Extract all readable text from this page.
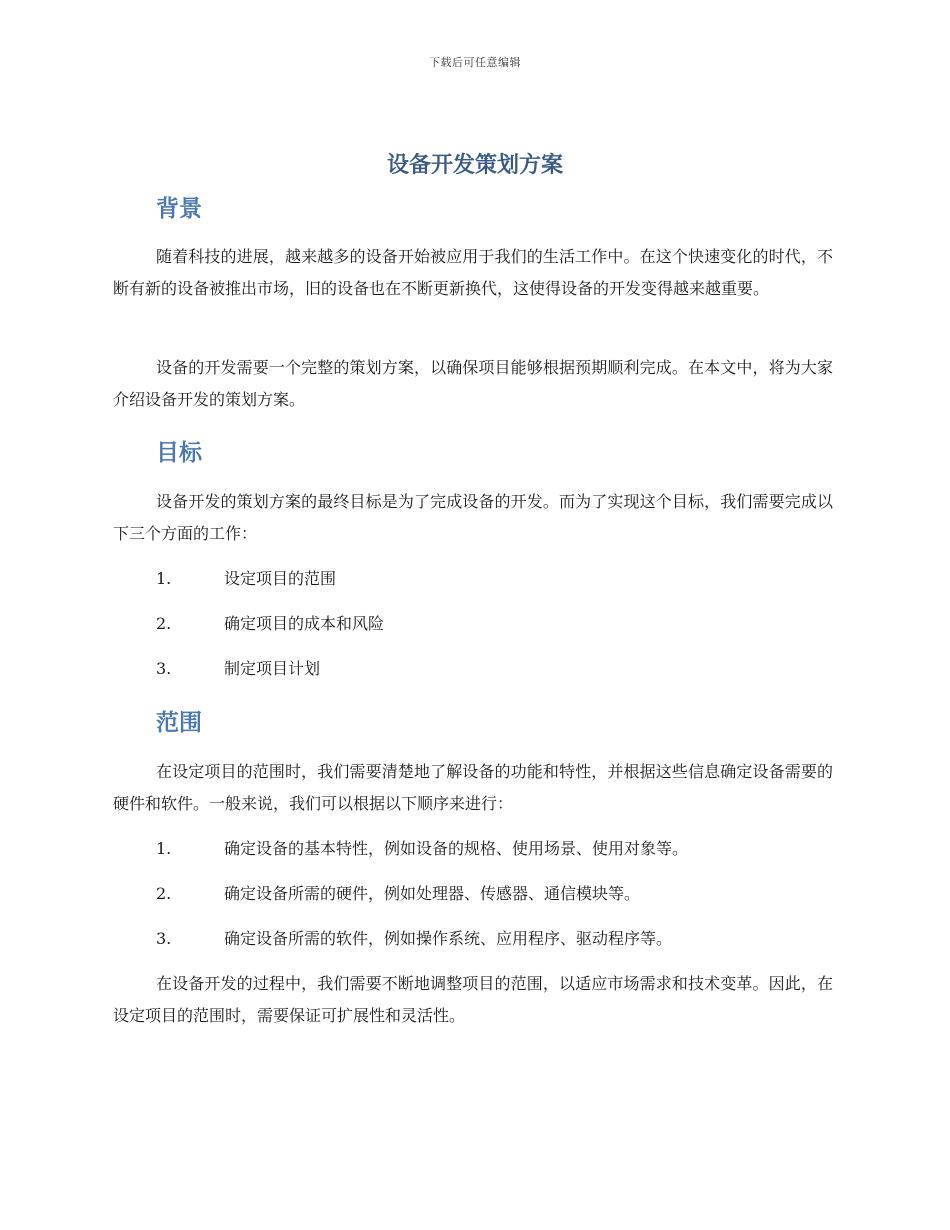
下载后可任意编辑
设备开发策划方案
背景

随着科技的进展，越来越多的设备开始被应用于我们的生活工作中。在这个快速变化的时代，不断有新的设备被推出市场，旧的设备也在不断更新换代，这使得设备的开发变得越来越重要。

设备的开发需要一个完整的策划方案，以确保项目能够根据预期顺利完成。在本文中，将为大家介绍设备开发的策划方案。

目标

设备开发的策划方案的最终目标是为了完成设备的开发。而为了实现这个目标，我们需要完成以下三个方面的工作：

1.	设定项目的范围
2.	确定项目的成本和风险
3.	制定项目计划
范围

在设定项目的范围时，我们需要清楚地了解设备的功能和特性，并根据这些信息确定设备需要的硬件和软件。一般来说，我们可以根据以下顺序来进行：

1.	确定设备的基本特性，例如设备的规格、使用场景、使用对象等。
2.	确定设备所需的硬件，例如处理器、传感器、通信模块等。
3.	确定设备所需的软件，例如操作系统、应用程序、驱动程序等。

在设备开发的过程中，我们需要不断地调整项目的范围，以适应市场需求和技术变革。因此，在设定项目的范围时，需要保证可扩展性和灵活性。
